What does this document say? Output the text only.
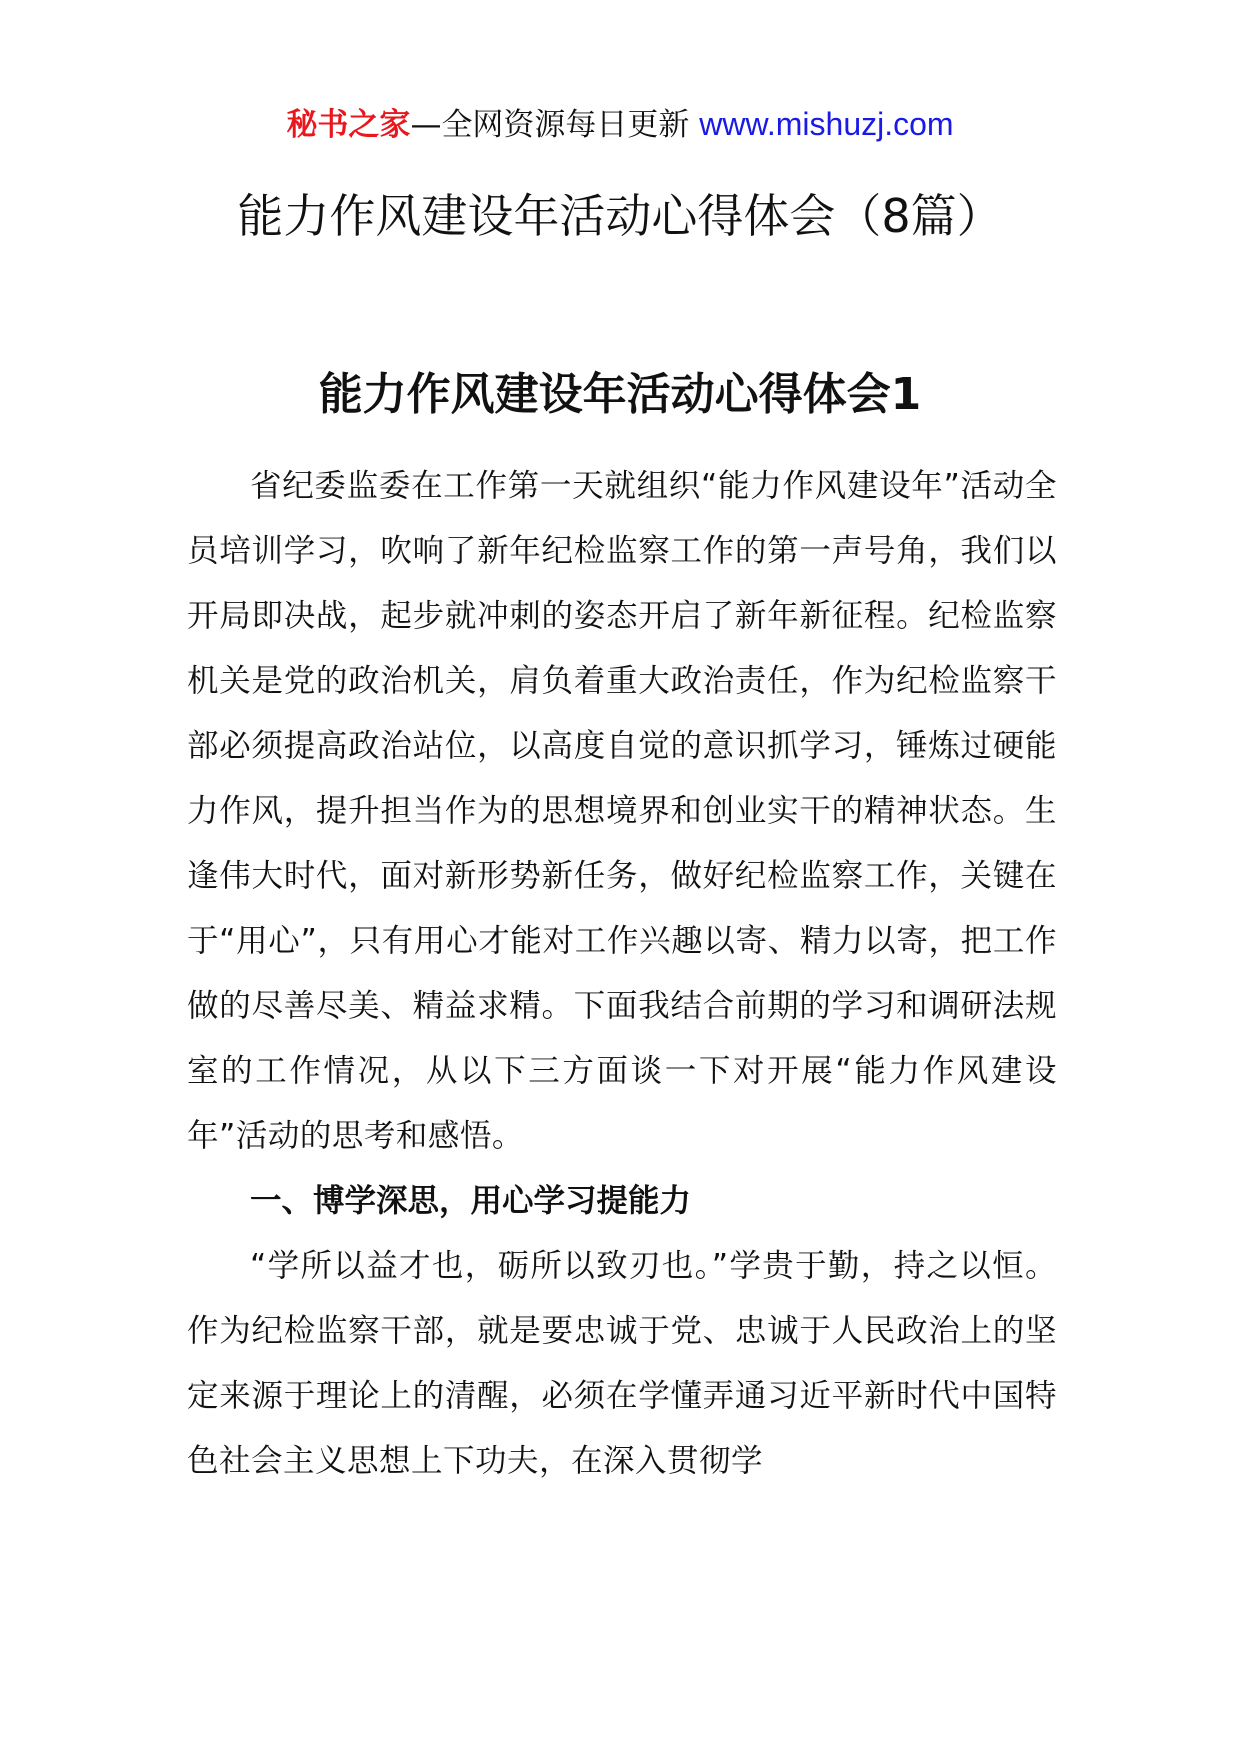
秘书之家—全网资源每日更新 www.mishuzj.com
能力作风建设年活动心得体会（8篇）
能力作风建设年活动心得体会1

省纪委监委在工作第一天就组织“能力作风建设年”活动全员培训学习，吹响了新年纪检监察工作的第一声号角，我们以开局即决战，起步就冲刺的姿态开启了新年新征程。纪检监察机关是党的政治机关，肩负着重大政治责任，作为纪检监察干部必须提高政治站位，以高度自觉的意识抓学习，锤炼过硬能力作风，提升担当作为的思想境界和创业实干的精神状态。生逢伟大时代，面对新形势新任务，做好纪检监察工作，关键在于“用心”，只有用心才能对工作兴趣以寄、精力以寄，把工作做的尽善尽美、精益求精。下面我结合前期的学习和调研法规室的工作情况，从以下三方面谈一下对开展“能力作风建设年”活动的思考和感悟。

一、博学深思，用心学习提能力

“学所以益才也，砺所以致刃也。”学贵于勤，持之以恒。作为纪检监察干部，就是要忠诚于党、忠诚于人民政治上的坚定来源于理论上的清醒，必须在学懂弄通习近平新时代中国特色社会主义思想上下功夫，在深入贯彻学
